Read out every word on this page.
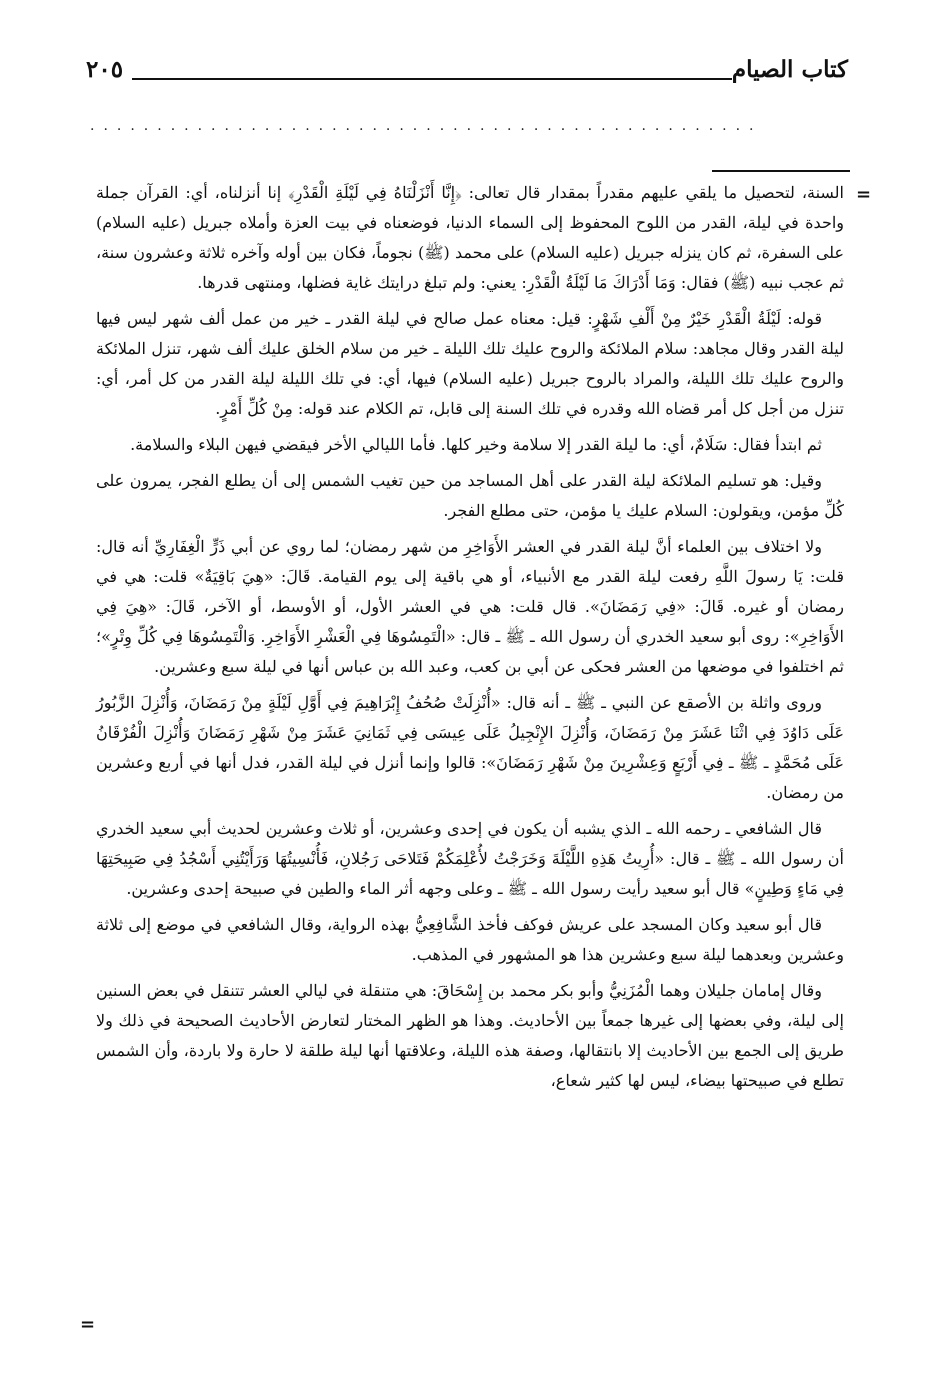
كتاب الصيام
٢٠٥
..................................................
=

السنة، لتحصيل ما يلقي عليهم مقدراً بمقدار قال تعالى: ﴿إِنَّا أَنْزَلْنَاهُ فِي لَيْلَةِ الْقَدْرِ﴾ إنا أنزلناه، أي: القرآن جملة واحدة في ليلة، القدر من اللوح المحفوظ إلى السماء الدنيا، فوضعناه في بيت العزة وأملاه جبريل (عليه السلام) على السفرة، ثم كان ينزله جبريل (عليه السلام) على محمد (ﷺ) نجوماً، فكان بين أوله وآخره ثلاثة وعشرون سنة، ثم عجب نبيه (ﷺ) فقال: وَمَا أَدْرَاكَ مَا لَيْلَةُ الْقَدْرِ: يعني: ولم تبلغ درايتك غاية فضلها، ومنتهى قدرها.

قوله: لَيْلَةُ الْقَدْرِ خَيْرٌ مِنْ أَلْفِ شَهْرٍ: قيل: معناه عمل صالح في ليلة القدر ـ خير من عمل ألف شهر ليس فيها ليلة القدر وقال مجاهد: سلام الملائكة والروح عليك تلك الليلة ـ خير من سلام الخلق عليك ألف شهر، تنزل الملائكة والروح عليك تلك الليلة، والمراد بالروح جبريل (عليه السلام) فيها، أي: في تلك الليلة ليلة القدر من كل أمر، أي: تنزل من أجل كل أمر قضاه الله وقدره في تلك السنة إلى قابل، تم الكلام عند قوله: مِنْ كُلِّ أَمْرٍ.

ثم ابتدأ فقال: سَلَامٌ، أي: ما ليلة القدر إلا سلامة وخير كلها. فأما الليالي الأخر فيقضي فيهن البلاء والسلامة.

وقيل: هو تسليم الملائكة ليلة القدر على أهل المساجد من حين تغيب الشمس إلى أن يطلع الفجر، يمرون على كُلِّ مؤمن، ويقولون: السلام عليك يا مؤمن، حتى مطلع الفجر.

ولا اختلاف بين العلماء أنَّ ليلة القدر في العشر الأَوَاخِرِ من شهر رمضان؛ لما روي عن أبي ذَرٍّ الْغِفَارِيِّ أنه قال: قلت: يَا رسولَ اللَّهِ رفعت ليلة القدر مع الأنبياء، أو هي باقية إلى يوم القيامة. قَالَ: «هِيَ بَاقِيَةٌ» قلت: هي في رمضان أو غيره. قَالَ: «فِي رَمَضَانَ». قال قلت: هي في العشر الأول، أو الأوسط، أو الآخر، قَالَ: «هِيَ فِي الأَوَاخِرِ»: روى أبو سعيد الخدري أن رسول الله ـ ﷺ ـ قال: «الْتَمِسُوهَا فِي الْعَشْرِ الأَوَاخِرِ. وَالْتَمِسُوهَا فِي كُلِّ وِتْرٍ»؛ ثم اختلفوا في موضعها من العشر فحكى عن أبي بن كعب، وعبد الله بن عباس أنها في ليلة سبع وعشرين.

وروى واثلة بن الأصقع عن النبي ـ ﷺ ـ أنه قال: «أُنْزِلَتْ صُحُفُ إِبْرَاهِيمَ فِي أَوَّلِ لَيْلَةٍ مِنْ رَمَضَانَ، وَأُنْزِلَ الزَّبُورُ عَلَى دَاوُدَ فِي اثْنَا عَشَرَ مِنْ رَمَضَانَ، وَأُنْزِلَ الإِنْجِيلُ عَلَى عِيسَى فِي ثَمَانِيَ عَشَرَ مِنْ شَهْرِ رَمَضَانَ وَأُنْزِلَ الْفُرْقَانُ عَلَى مُحَمَّدٍ ـ ﷺ ـ فِي أَرْبَعٍ وَعِشْرِينَ مِنْ شَهْرِ رَمَضَانَ»: قالوا وإنما أنزل في ليلة القدر، فدل أنها في أربع وعشرين من رمضان.

قال الشافعي ـ رحمه الله ـ الذي يشبه أن يكون في إحدى وعشرين، أو ثلاث وعشرين لحديث أبي سعيد الخدري أن رسول الله ـ ﷺ ـ قال: «أُرِيتُ هَذِهِ اللَّيْلَةَ وَخَرَجْتُ لأُعْلِمَكُمْ فَتَلاحَى رَجُلانِ، فَأُنْسِيتُهَا وَرَأَيْتُنِي أَسْجُدُ فِي صَبِيحَتِهَا فِي مَاءٍ وَطِينٍ» قال أبو سعيد رأيت رسول الله ـ ﷺ ـ وعلى وجهه أثر الماء والطين في صبيحة إحدى وعشرين.

قال أبو سعيد وكان المسجد على عريش فوكف فأخذ الشَّافِعِيُّ بهذه الرواية، وقال الشافعي في موضع إلى ثلاثة وعشرين وبعدهما ليلة سبع وعشرين هذا هو المشهور في المذهب.

وقال إمامان جليلان وهما الْمُزَنِيُّ وأبو بكر محمد بن إِسْحَاقَ: هي متنقلة في ليالي العشر تتنقل في بعض السنين إلى ليلة، وفي بعضها إلى غيرها جمعاً بين الأحاديث. وهذا هو الظهر المختار لتعارض الأحاديث الصحيحة في ذلك ولا طريق إلى الجمع بين الأحاديث إلا بانتقالها، وصفة هذه الليلة، وعلاقتها أنها ليلة طلقة لا حارة ولا باردة، وأن الشمس تطلع في صبيحتها بيضاء، ليس لها كثير شعاع،

=
